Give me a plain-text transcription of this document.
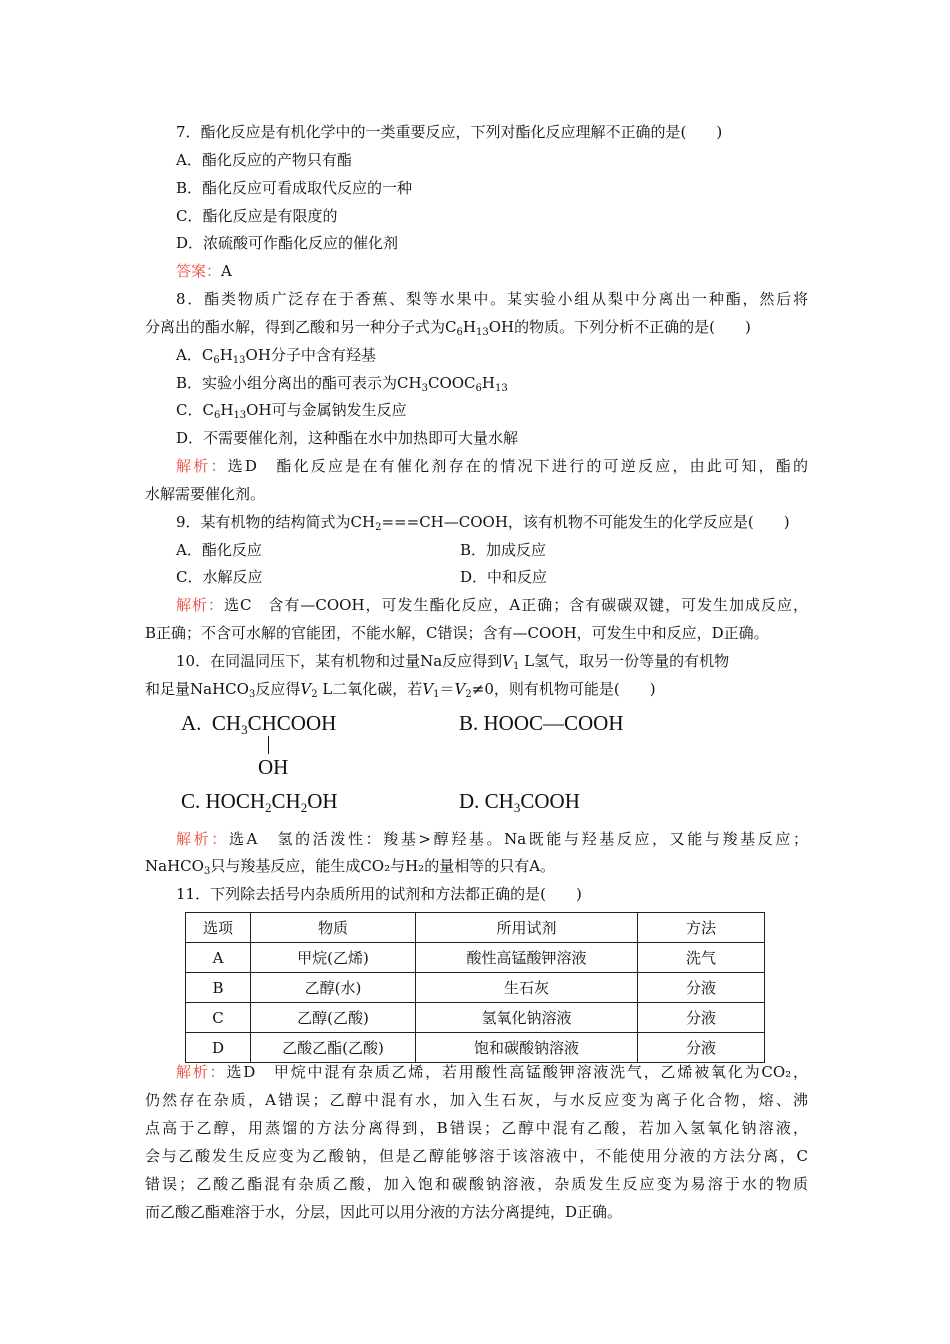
7．酯化反应是有机化学中的一类重要反应，下列对酯化反应理解不正确的是(　　)
A．酯化反应的产物只有酯
B．酯化反应可看成取代反应的一种
C．酯化反应是有限度的
D．浓硫酸可作酯化反应的催化剂
答案：A
8．酯类物质广泛存在于香蕉、梨等水果中。某实验小组从梨中分离出一种酯，然后将
分离出的酯水解，得到乙酸和另一种分子式为$C_6H_{13}OH$的物质。下列分析不正确的是(　　)
A．$C_6H_{13}OH$分子中含有羟基
B．实验小组分离出的酯可表示为$CH_3COOC_6H_{13}$
C．$C_6H_{13}OH$可与金属钠发生反应
D．不需要催化剂，这种酯在水中加热即可大量水解
解析：选D　酯化反应是在有催化剂存在的情况下进行的可逆反应，由此可知，酯的
水解需要催化剂。
9．某有机物的结构简式为$CH_2===CH—COOH$，该有机物不可能发生的化学反应是(　　)
A．酯化反应	B．加成反应
C．水解反应	D．中和反应
解析：选C　含有—COOH，可发生酯化反应，A正确；含有碳碳双键，可发生加成反应，
B正确；不含可水解的官能团，不能水解，C错误；含有—COOH，可发生中和反应，D正确。
10．在同温同压下，某有机物和过量Na反应得到$V_1$ L氢气，取另一份等量的有机物
和足量NaHCO$_3$反应得$V_2$ L二氧化碳，若$V_1=V_2\ne 0$，则有机物可能是(　　)
A.  $CH_3CHCOOH$
OH
B. HOOC—COOH
C. $HOCH_2CH_2OH$	D. $CH_3COOH$
解析：选A　氢的活泼性：羧基>醇羟基。Na既能与羟基反应，又能与羧基反应；
NaHCO$_3$只与羧基反应，能生成CO₂与H₂的量相等的只有A。
11．下列除去括号内杂质所用的试剂和方法都正确的是(　　)
选项	物质	所用试剂	方法
A	甲烷(乙烯)	酸性高锰酸钾溶液	洗气
B	乙醇(水)	生石灰	分液
C	乙醇(乙酸)	氢氧化钠溶液	分液
D	乙酸乙酯(乙酸)	饱和碳酸钠溶液	分液
解析：选D　甲烷中混有杂质乙烯，若用酸性高锰酸钾溶液洗气，乙烯被氧化为CO₂，
仍然存在杂质，A错误；乙醇中混有水，加入生石灰，与水反应变为离子化合物，熔、沸
点高于乙醇，用蒸馏的方法分离得到，B错误；乙醇中混有乙酸，若加入氢氧化钠溶液，
会与乙酸发生反应变为乙酸钠，但是乙醇能够溶于该溶液中，不能使用分液的方法分离，C
错误；乙酸乙酯混有杂质乙酸，加入饱和碳酸钠溶液，杂质发生反应变为易溶于水的物质
而乙酸乙酯难溶于水，分层，因此可以用分液的方法分离提纯，D正确。
